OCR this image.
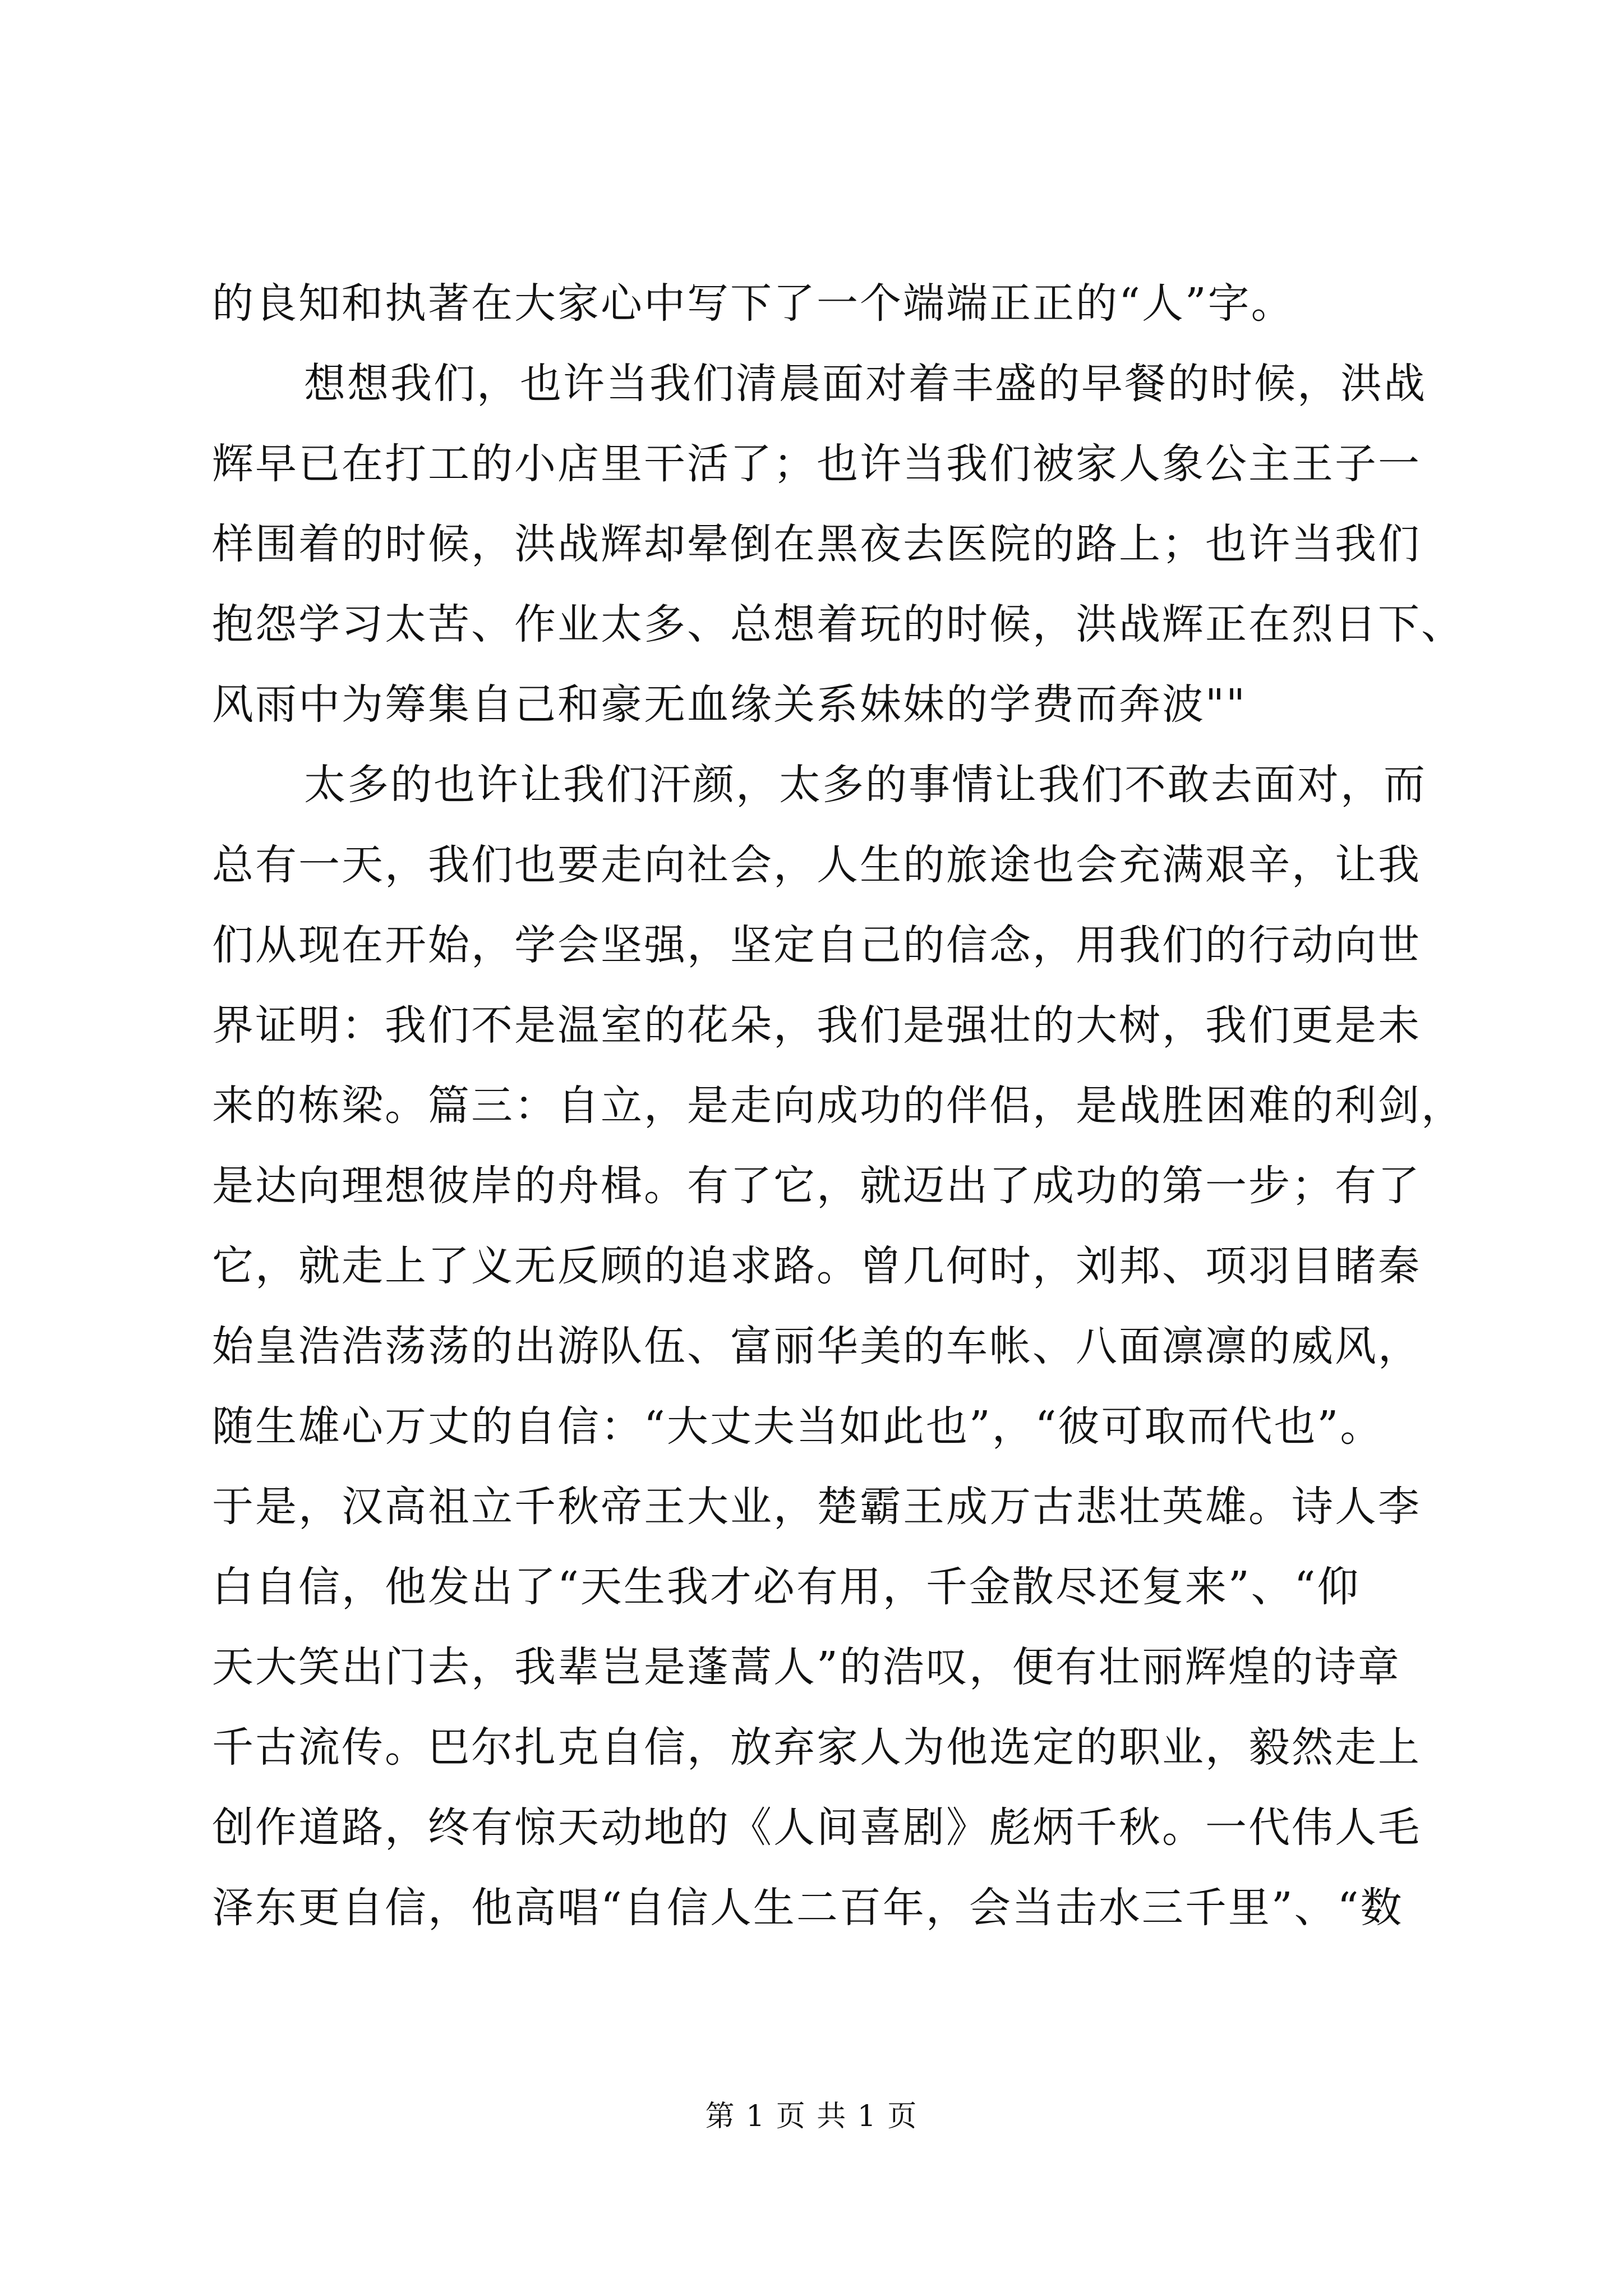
的良知和执著在大家心中写下了一个端端正正的“人”字。
想想我们，也许当我们清晨面对着丰盛的早餐的时候，洪战
辉早已在打工的小店里干活了；也许当我们被家人象公主王子一
样围着的时候，洪战辉却晕倒在黑夜去医院的路上；也许当我们
抱怨学习太苦、作业太多、总想着玩的时候，洪战辉正在烈日下、
风雨中为筹集自己和豪无血缘关系妹妹的学费而奔波""
太多的也许让我们汗颜，太多的事情让我们不敢去面对，而
总有一天，我们也要走向社会，人生的旅途也会充满艰辛，让我
们从现在开始，学会坚强，坚定自己的信念，用我们的行动向世
界证明：我们不是温室的花朵，我们是强壮的大树，我们更是未
来的栋梁。篇三：自立，是走向成功的伴侣，是战胜困难的利剑，
是达向理想彼岸的舟楫。有了它，就迈出了成功的第一步；有了
它，就走上了义无反顾的追求路。曾几何时，刘邦、项羽目睹秦
始皇浩浩荡荡的出游队伍、富丽华美的车帐、八面凛凛的威风，
随生雄心万丈的自信：“大丈夫当如此也”，“彼可取而代也”。
于是，汉高祖立千秋帝王大业，楚霸王成万古悲壮英雄。诗人李
白自信，他发出了“天生我才必有用，千金散尽还复来”、“仰
天大笑出门去，我辈岂是蓬蒿人”的浩叹，便有壮丽辉煌的诗章
千古流传。巴尔扎克自信，放弃家人为他选定的职业，毅然走上
创作道路，终有惊天动地的《人间喜剧》彪炳千秋。一代伟人毛
泽东更自信，他高唱“自信人生二百年，会当击水三千里”、“数
第 1 页 共 1 页
